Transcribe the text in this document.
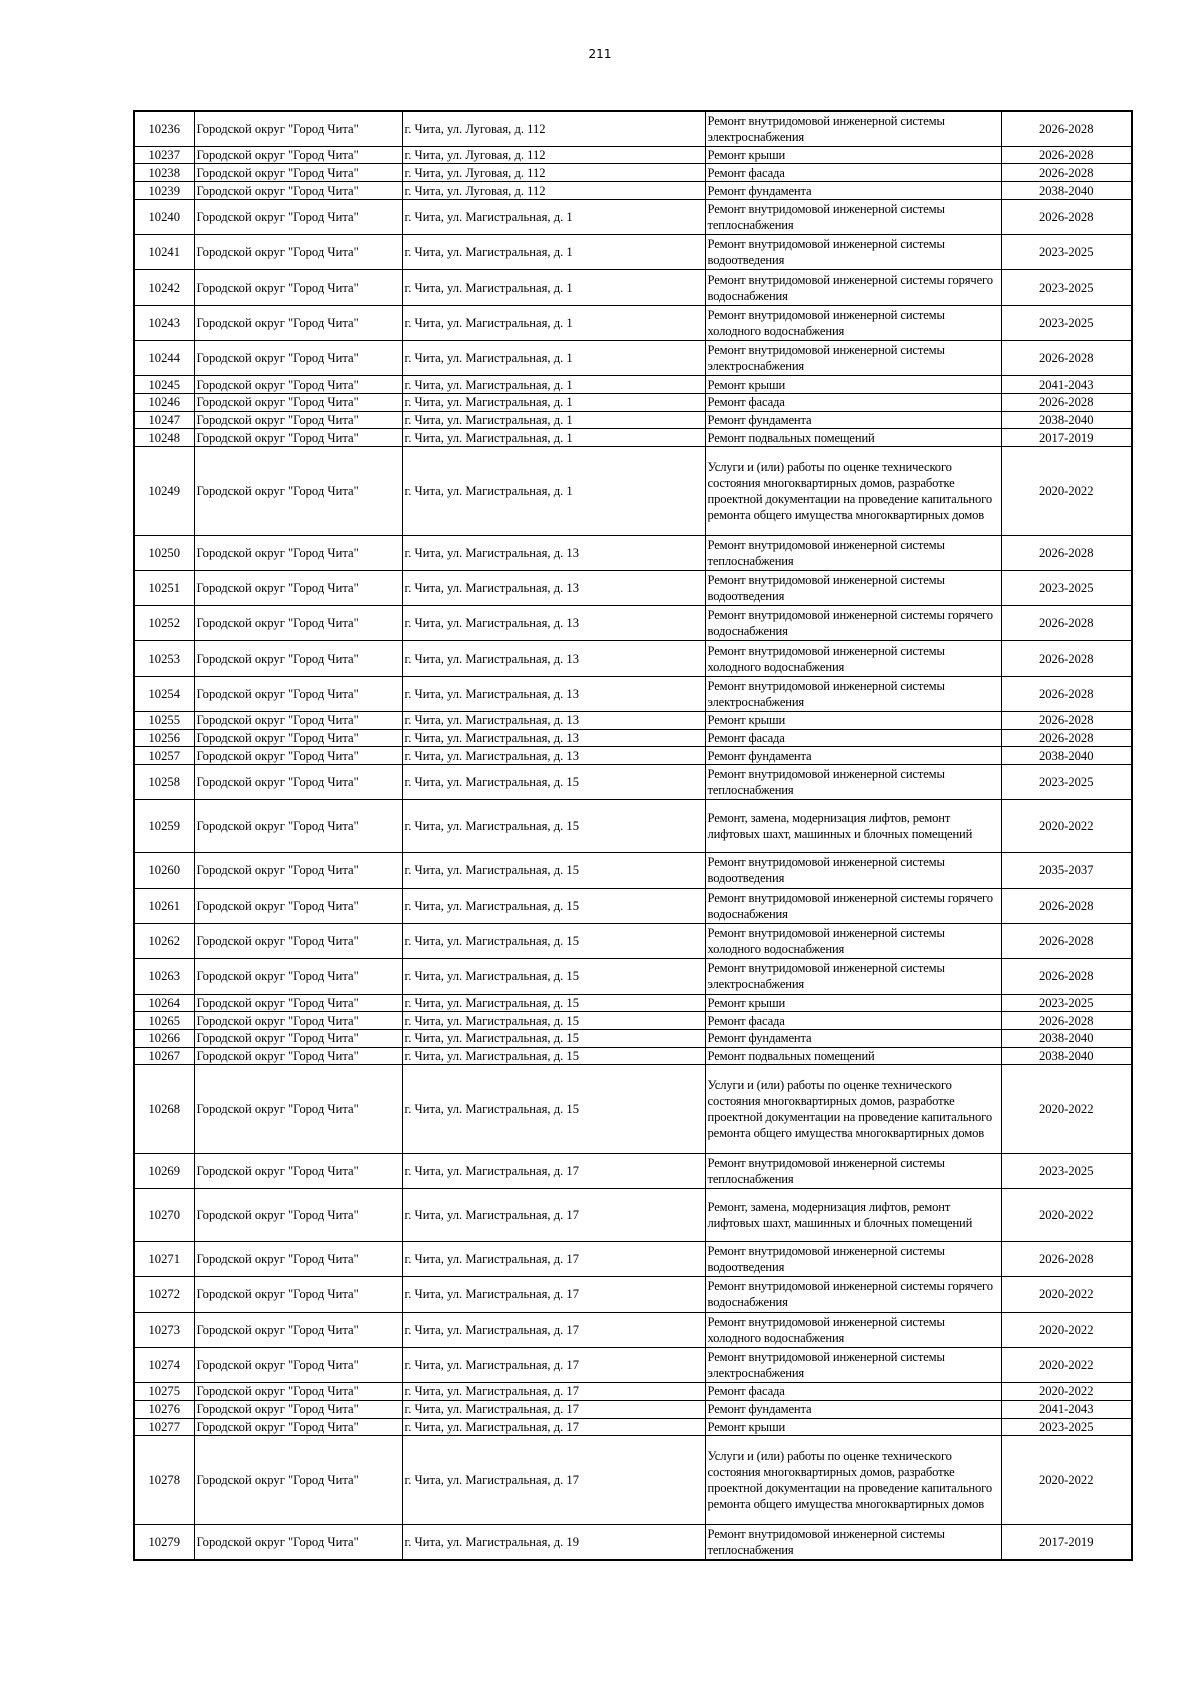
211
10236	Городской округ "Город Чита"	г. Чита, ул. Луговая, д. 112	Ремонт внутридомовой инженерной системы электроснабжения	2026-2028
10237	Городской округ "Город Чита"	г. Чита, ул. Луговая, д. 112	Ремонт крыши	2026-2028
10238	Городской округ "Город Чита"	г. Чита, ул. Луговая, д. 112	Ремонт фасада	2026-2028
10239	Городской округ "Город Чита"	г. Чита, ул. Луговая, д. 112	Ремонт фундамента	2038-2040
10240	Городской округ "Город Чита"	г. Чита, ул. Магистральная, д. 1	Ремонт внутридомовой инженерной системы теплоснабжения	2026-2028
10241	Городской округ "Город Чита"	г. Чита, ул. Магистральная, д. 1	Ремонт внутридомовой инженерной системы водоотведения	2023-2025
10242	Городской округ "Город Чита"	г. Чита, ул. Магистральная, д. 1	Ремонт внутридомовой инженерной системы горячего водоснабжения	2023-2025
10243	Городской округ "Город Чита"	г. Чита, ул. Магистральная, д. 1	Ремонт внутридомовой инженерной системы холодного водоснабжения	2023-2025
10244	Городской округ "Город Чита"	г. Чита, ул. Магистральная, д. 1	Ремонт внутридомовой инженерной системы электроснабжения	2026-2028
10245	Городской округ "Город Чита"	г. Чита, ул. Магистральная, д. 1	Ремонт крыши	2041-2043
10246	Городской округ "Город Чита"	г. Чита, ул. Магистральная, д. 1	Ремонт фасада	2026-2028
10247	Городской округ "Город Чита"	г. Чита, ул. Магистральная, д. 1	Ремонт фундамента	2038-2040
10248	Городской округ "Город Чита"	г. Чита, ул. Магистральная, д. 1	Ремонт подвальных помещений	2017-2019
10249	Городской округ "Город Чита"	г. Чита, ул. Магистральная, д. 1	Услуги и (или) работы по оценке технического состояния многоквартирных домов, разработке проектной документации на проведение капитального ремонта общего имущества многоквартирных домов	2020-2022
10250	Городской округ "Город Чита"	г. Чита, ул. Магистральная, д. 13	Ремонт внутридомовой инженерной системы теплоснабжения	2026-2028
10251	Городской округ "Город Чита"	г. Чита, ул. Магистральная, д. 13	Ремонт внутридомовой инженерной системы водоотведения	2023-2025
10252	Городской округ "Город Чита"	г. Чита, ул. Магистральная, д. 13	Ремонт внутридомовой инженерной системы горячего водоснабжения	2026-2028
10253	Городской округ "Город Чита"	г. Чита, ул. Магистральная, д. 13	Ремонт внутридомовой инженерной системы холодного водоснабжения	2026-2028
10254	Городской округ "Город Чита"	г. Чита, ул. Магистральная, д. 13	Ремонт внутридомовой инженерной системы электроснабжения	2026-2028
10255	Городской округ "Город Чита"	г. Чита, ул. Магистральная, д. 13	Ремонт крыши	2026-2028
10256	Городской округ "Город Чита"	г. Чита, ул. Магистральная, д. 13	Ремонт фасада	2026-2028
10257	Городской округ "Город Чита"	г. Чита, ул. Магистральная, д. 13	Ремонт фундамента	2038-2040
10258	Городской округ "Город Чита"	г. Чита, ул. Магистральная, д. 15	Ремонт внутридомовой инженерной системы теплоснабжения	2023-2025
10259	Городской округ "Город Чита"	г. Чита, ул. Магистральная, д. 15	Ремонт, замена, модернизация лифтов, ремонт лифтовых шахт, машинных и блочных помещений	2020-2022
10260	Городской округ "Город Чита"	г. Чита, ул. Магистральная, д. 15	Ремонт внутридомовой инженерной системы водоотведения	2035-2037
10261	Городской округ "Город Чита"	г. Чита, ул. Магистральная, д. 15	Ремонт внутридомовой инженерной системы горячего водоснабжения	2026-2028
10262	Городской округ "Город Чита"	г. Чита, ул. Магистральная, д. 15	Ремонт внутридомовой инженерной системы холодного водоснабжения	2026-2028
10263	Городской округ "Город Чита"	г. Чита, ул. Магистральная, д. 15	Ремонт внутридомовой инженерной системы электроснабжения	2026-2028
10264	Городской округ "Город Чита"	г. Чита, ул. Магистральная, д. 15	Ремонт крыши	2023-2025
10265	Городской округ "Город Чита"	г. Чита, ул. Магистральная, д. 15	Ремонт фасада	2026-2028
10266	Городской округ "Город Чита"	г. Чита, ул. Магистральная, д. 15	Ремонт фундамента	2038-2040
10267	Городской округ "Город Чита"	г. Чита, ул. Магистральная, д. 15	Ремонт подвальных помещений	2038-2040
10268	Городской округ "Город Чита"	г. Чита, ул. Магистральная, д. 15	Услуги и (или) работы по оценке технического состояния многоквартирных домов, разработке проектной документации на проведение капитального ремонта общего имущества многоквартирных домов	2020-2022
10269	Городской округ "Город Чита"	г. Чита, ул. Магистральная, д. 17	Ремонт внутридомовой инженерной системы теплоснабжения	2023-2025
10270	Городской округ "Город Чита"	г. Чита, ул. Магистральная, д. 17	Ремонт, замена, модернизация лифтов, ремонт лифтовых шахт, машинных и блочных помещений	2020-2022
10271	Городской округ "Город Чита"	г. Чита, ул. Магистральная, д. 17	Ремонт внутридомовой инженерной системы водоотведения	2026-2028
10272	Городской округ "Город Чита"	г. Чита, ул. Магистральная, д. 17	Ремонт внутридомовой инженерной системы горячего водоснабжения	2020-2022
10273	Городской округ "Город Чита"	г. Чита, ул. Магистральная, д. 17	Ремонт внутридомовой инженерной системы холодного водоснабжения	2020-2022
10274	Городской округ "Город Чита"	г. Чита, ул. Магистральная, д. 17	Ремонт внутридомовой инженерной системы электроснабжения	2020-2022
10275	Городской округ "Город Чита"	г. Чита, ул. Магистральная, д. 17	Ремонт фасада	2020-2022
10276	Городской округ "Город Чита"	г. Чита, ул. Магистральная, д. 17	Ремонт фундамента	2041-2043
10277	Городской округ "Город Чита"	г. Чита, ул. Магистральная, д. 17	Ремонт крыши	2023-2025
10278	Городской округ "Город Чита"	г. Чита, ул. Магистральная, д. 17	Услуги и (или) работы по оценке технического состояния многоквартирных домов, разработке проектной документации на проведение капитального ремонта общего имущества многоквартирных домов	2020-2022
10279	Городской округ "Город Чита"	г. Чита, ул. Магистральная, д. 19	Ремонт внутридомовой инженерной системы теплоснабжения	2017-2019
